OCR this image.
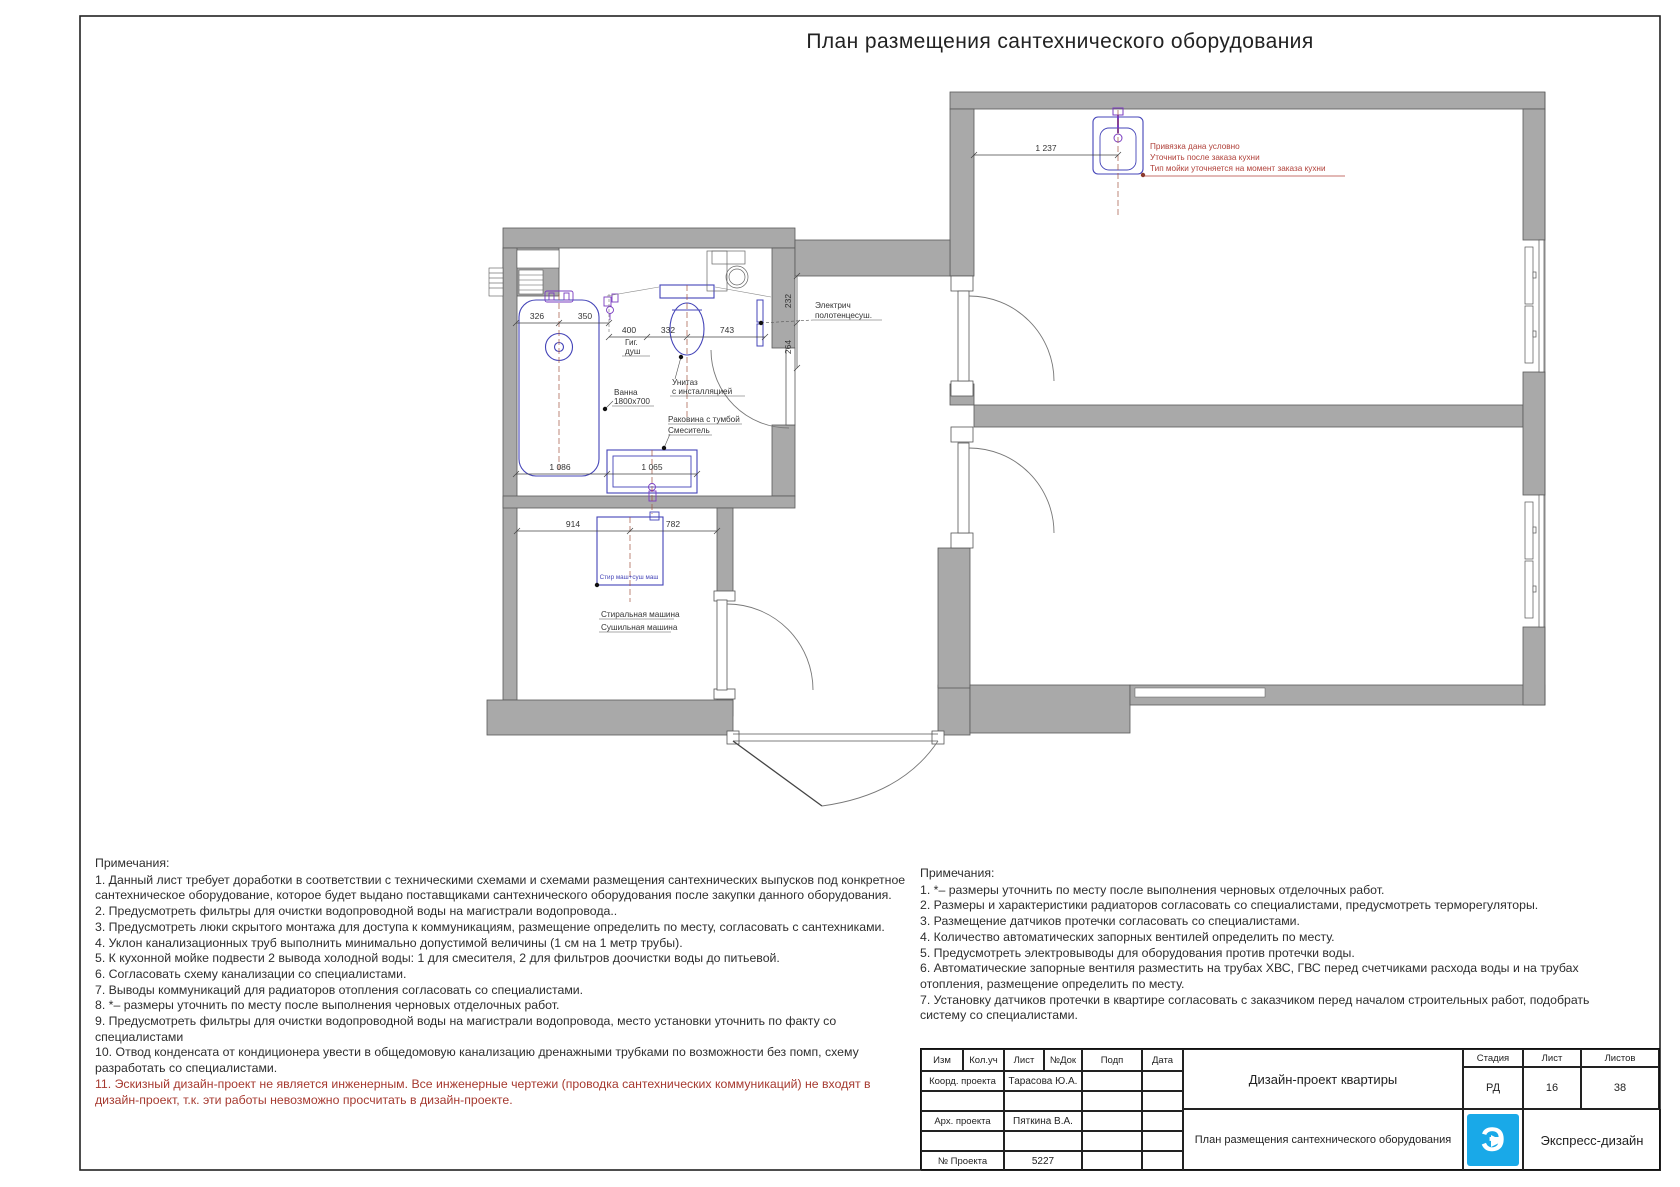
План размещения сантехнического оборудования
326	350
400	332	743
1 086	1 065
914	782
1 237
232
264
Гиг.
душ
Ванна
1800х700
Унитаз
с инсталляцией
Раковина с тумбой
Смеситель
Электрич
полотенцесуш.
Стиральная машина
Сушильная машина
Стир маш+суш маш
Привязка дана условно
Уточнить после заказа кухни
Тип мойки уточняется на момент заказа кухни
Примечания:
1. Данный лист требует доработки в соответствии с техническими схемами и схемами размещения сантехнических выпусков под конкретное сантехническое оборудование, которое будет выдано поставщиками сантехнического оборудования после закупки данного оборудования.
2. Предусмотреть фильтры для очистки водопроводной воды на магистрали водопровода..
3. Предусмотреть люки скрытого монтажа для доступа к коммуникациям, размещение определить по месту, согласовать с сантехниками.
4. Уклон канализационных труб выполнить минимально допустимой величины (1 см на 1 метр трубы).
5. К кухонной мойке подвести 2 вывода холодной воды: 1 для смесителя, 2 для фильтров доочистки воды до питьевой.
6. Согласовать схему канализации со специалистами.
7. Выводы коммуникаций для радиаторов отопления согласовать со специалистами.
8. *– размеры уточнить по месту после выполнения черновых отделочных работ.
9. Предусмотреть фильтры для очистки водопроводной воды на магистрали водопровода, место установки уточнить по факту со специалистами
10. Отвод конденсата от кондиционера увести в общедомовую канализацию дренажными трубками по возможности без помп, схему разработать со специалистами.
11. Эскизный дизайн-проект не является инженерным. Все инженерные чертежи (проводка сантехнических коммуникаций) не входят в дизайн-проект, т.к. эти работы невозможно просчитать в дизайн-проекте.
Примечания:
1. *– размеры уточнить по месту после выполнения черновых отделочных работ.
2. Размеры и характеристики радиаторов согласовать со специалистами, предусмотреть терморегуляторы.
3. Размещение датчиков протечки согласовать со специалистами.
4. Количество автоматических запорных вентилей определить по месту.
5. Предусмотреть электровыводы для оборудования против протечки воды.
6. Автоматические запорные вентиля разместить на трубах ХВС, ГВС перед счетчиками расхода воды и на трубах отопления, размещение определить по месту.
7. Установку датчиков протечки в квартире согласовать с заказчиком перед началом строительных работ, подобрать систему со специалистами.
Изм	Кол.уч	Лист	№Док	Подп	Дата
Коорд. проекта	Тарасова Ю.А.
Арх. проекта	Пяткина В.А.
№ Проекта	5227
Дизайн-проект квартиры
План размещения сантехнического оборудования
Стадия	Лист	Листов
РД	16	38
Э	Экспресс-дизайн
